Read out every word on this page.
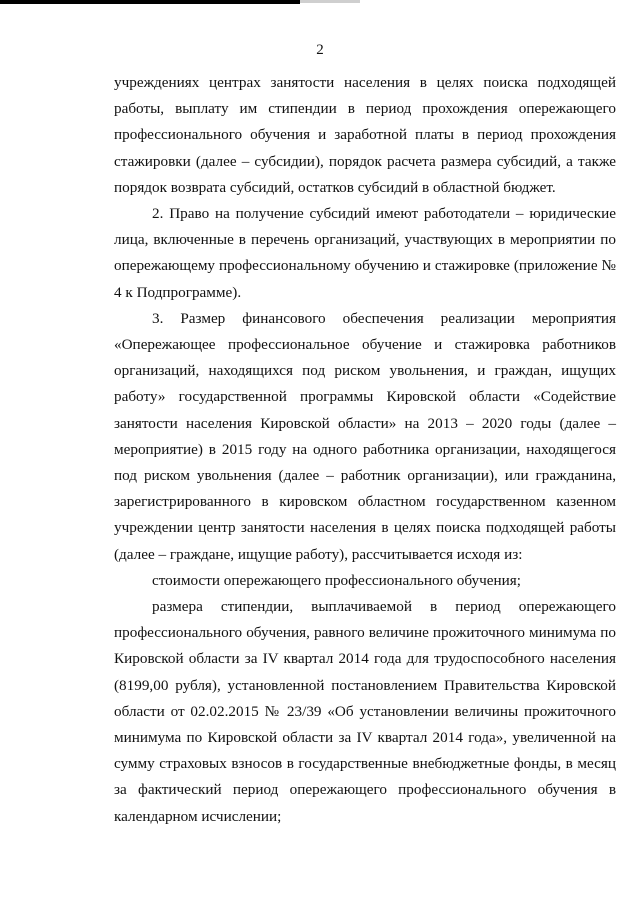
2

учреждениях центрах занятости населения в целях поиска подходящей работы, выплату им стипендии в период прохождения опережающего профессионального обучения и заработной платы в период прохождения стажировки (далее – субсидии), порядок расчета размера субсидий, а также порядок возврата субсидий, остатков субсидий в областной бюджет.

2. Право на получение субсидий имеют работодатели – юридические лица, включенные в перечень организаций, участвующих в мероприятии по опережающему профессиональному обучению и стажировке (приложение № 4 к Подпрограмме).

3. Размер финансового обеспечения реализации мероприятия «Опережающее профессиональное обучение и стажировка работников организаций, находящихся под риском увольнения, и граждан, ищущих работу» государственной программы Кировской области «Содействие занятости населения Кировской области» на 2013 – 2020 годы (далее – мероприятие) в 2015 году на одного работника организации, находящегося под риском увольнения (далее – работник организации), или гражданина, зарегистрированного в кировском областном государственном казенном учреждении центр занятости населения в целях поиска подходящей работы (далее – граждане, ищущие работу), рассчитывается исходя из:

стоимости опережающего профессионального обучения;

размера стипендии, выплачиваемой в период опережающего профессионального обучения, равного величине прожиточного минимума по Кировской области за IV квартал 2014 года для трудоспособного населения (8199,00 рубля), установленной постановлением Правительства Кировской области от 02.02.2015 № 23/39 «Об установлении величины прожиточного минимума по Кировской области за IV квартал 2014 года», увеличенной на сумму страховых взносов в государственные внебюджетные фонды, в месяц за фактический период опережающего профессионального обучения в календарном исчислении;
